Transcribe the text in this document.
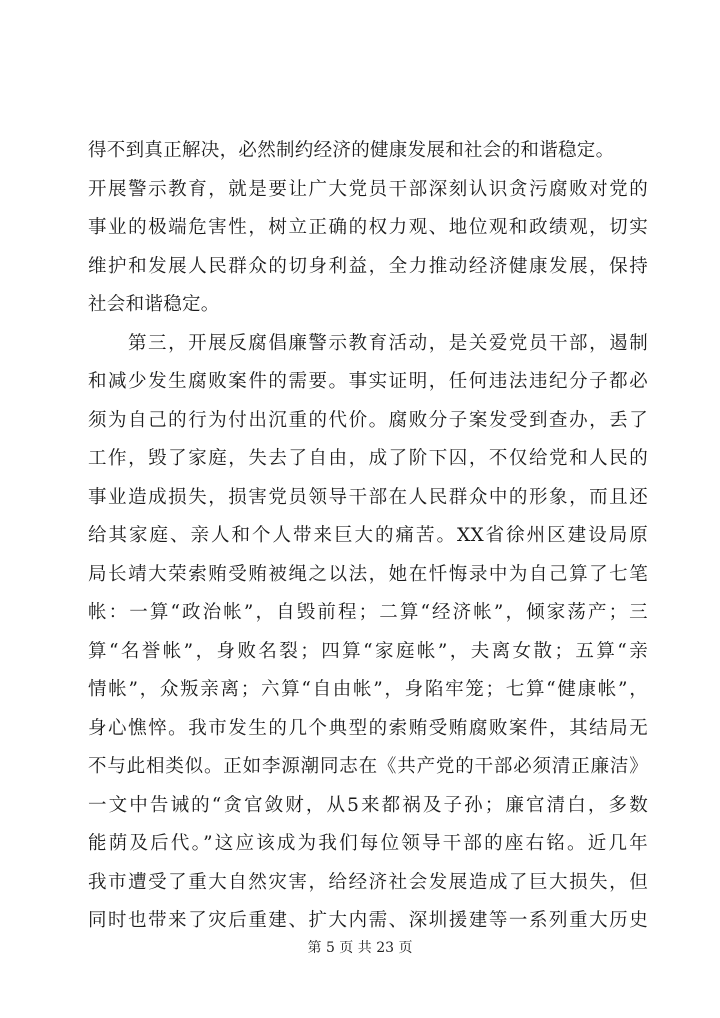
得不到真正解决，必然制约经济的健康发展和社会的和谐稳定。
开展警示教育，就是要让广大党员干部深刻认识贪污腐败对党的
事业的极端危害性，树立正确的权力观、地位观和政绩观，切实
维护和发展人民群众的切身利益，全力推动经济健康发展，保持
社会和谐稳定。
第三，开展反腐倡廉警示教育活动，是关爱党员干部，遏制
和减少发生腐败案件的需要。事实证明，任何违法违纪分子都必
须为自己的行为付出沉重的代价。腐败分子案发受到查办，丢了
工作，毁了家庭，失去了自由，成了阶下囚，不仅给党和人民的
事业造成损失，损害党员领导干部在人民群众中的形象，而且还
给其家庭、亲人和个人带来巨大的痛苦。XX省徐州区建设局原
局长靖大荣索贿受贿被绳之以法，她在忏悔录中为自己算了七笔
帐：一算“政治帐”，自毁前程；二算“经济帐”，倾家荡产；三
算“名誉帐”，身败名裂；四算“家庭帐”，夫离女散；五算“亲
情帐”，众叛亲离；六算“自由帐”，身陷牢笼；七算“健康帐”，
身心憔悴。我市发生的几个典型的索贿受贿腐败案件，其结局无
不与此相类似。正如李源潮同志在《共产党的干部必须清正廉洁》
一文中告诫的“贪官敛财，从5来都祸及子孙；廉官清白，多数
能荫及后代。”这应该成为我们每位领导干部的座右铭。近几年
我市遭受了重大自然灾害，给经济社会发展造成了巨大损失，但
同时也带来了灾后重建、扩大内需、深圳援建等一系列重大历史
第 5 页 共 23 页
